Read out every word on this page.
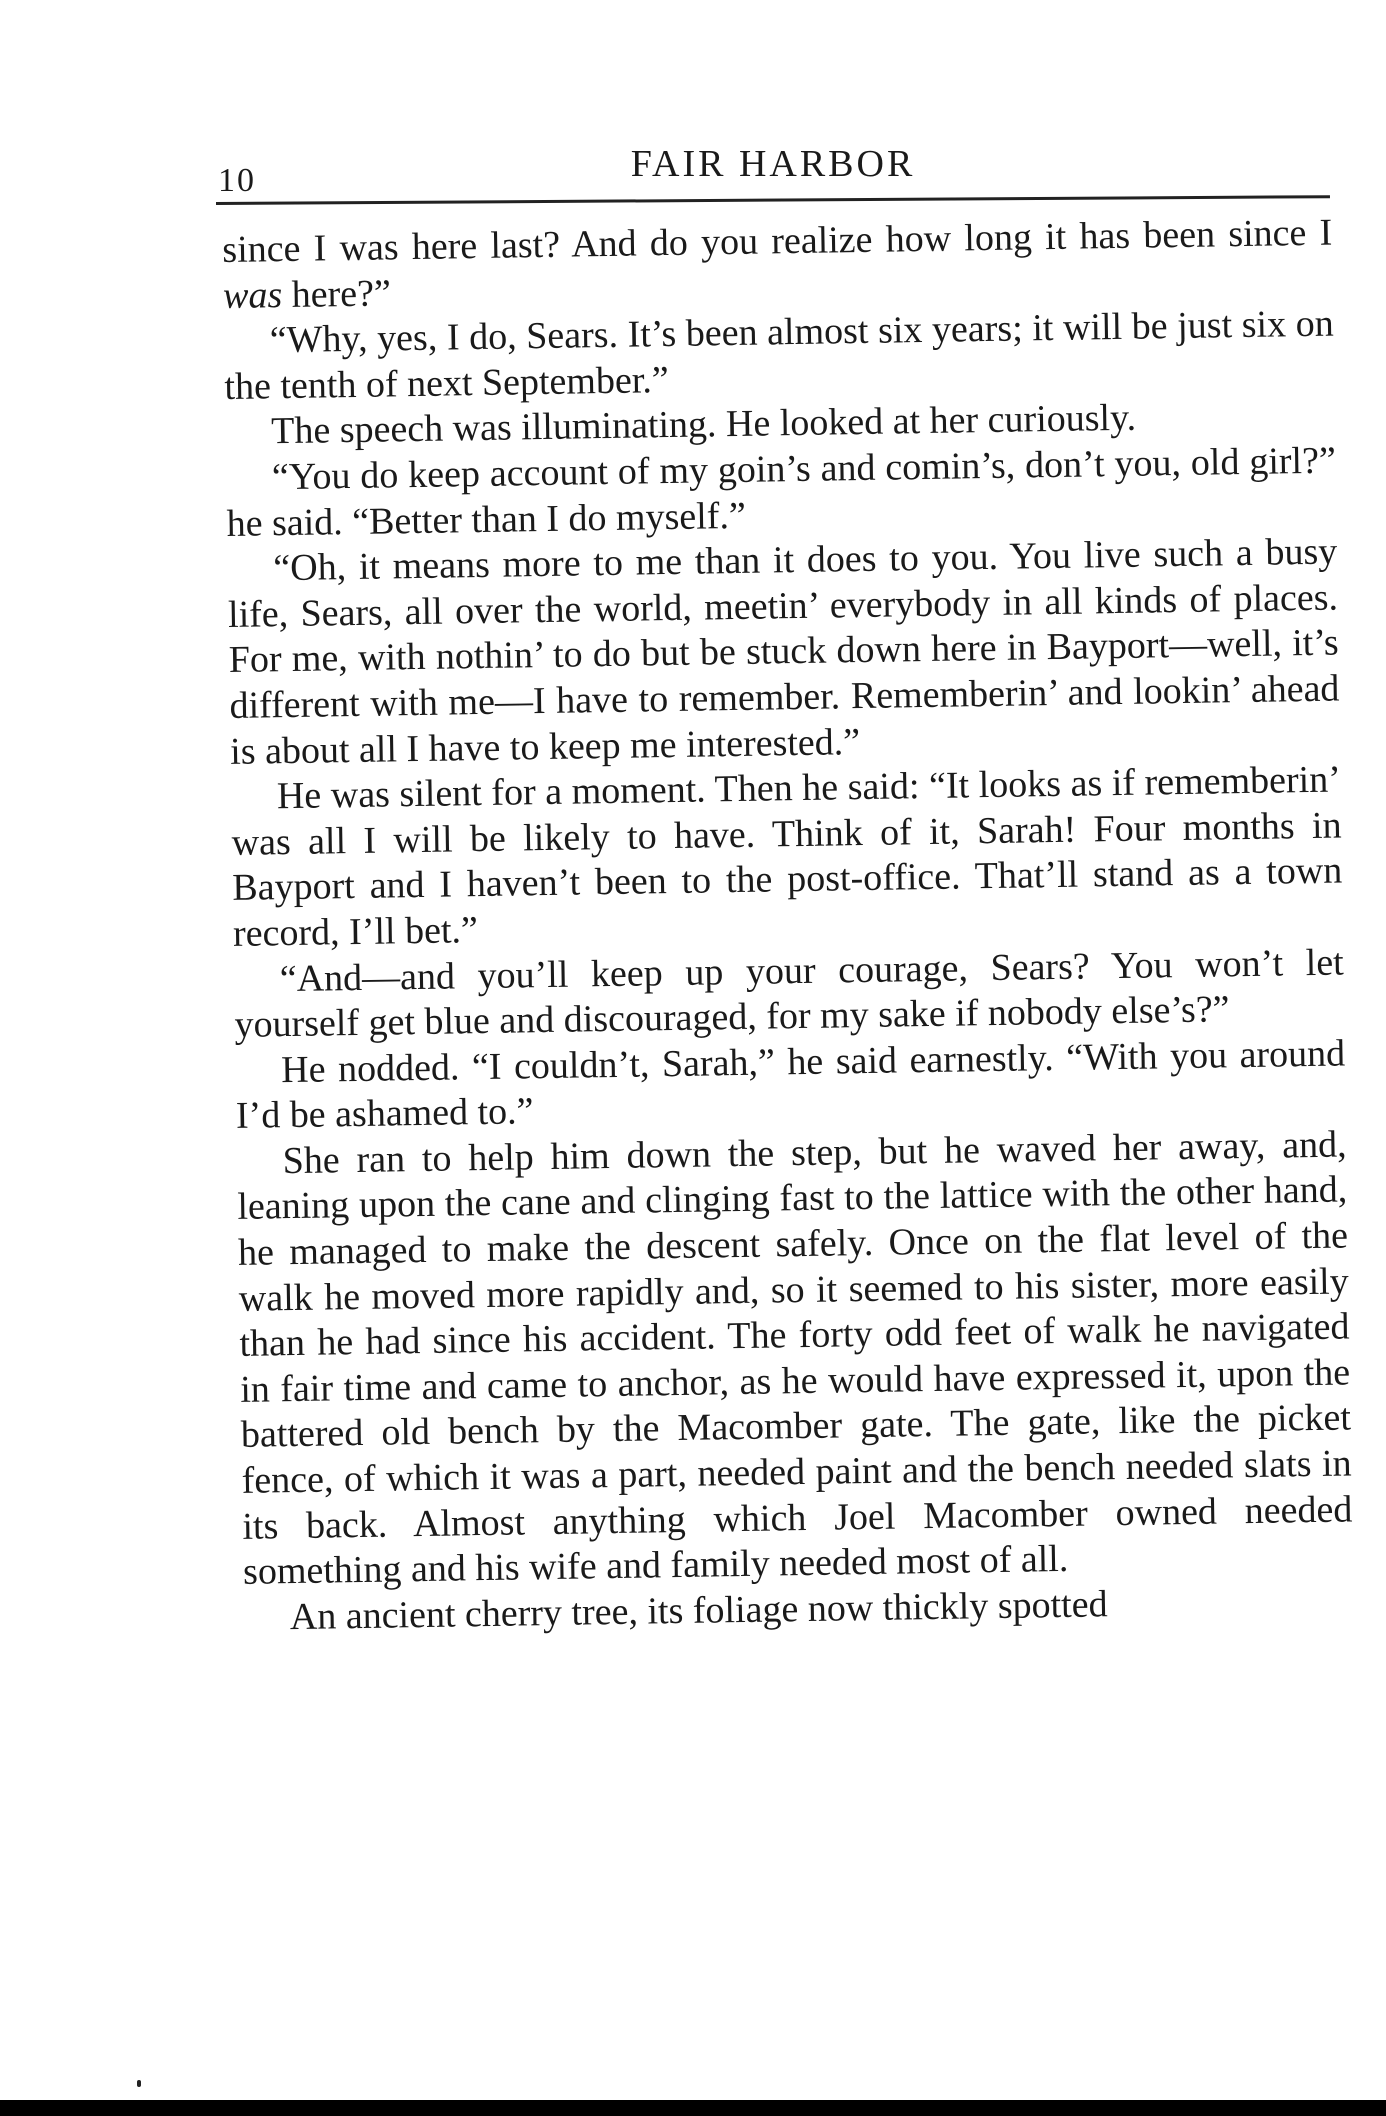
10	FAIR HARBOR

since I was here last? And do you realize how long it has been since I was here?”

“Why, yes, I do, Sears. It’s been almost six years; it will be just six on the tenth of next September.”

The speech was illuminating. He looked at her curiously.

“You do keep account of my goin’s and comin’s, don’t you, old girl?” he said. “Better than I do myself.”

“Oh, it means more to me than it does to you. You live such a busy life, Sears, all over the world, meetin’ everybody in all kinds of places. For me, with nothin’ to do but be stuck down here in Bayport—well, it’s different with me—I have to remember. Rememberin’ and lookin’ ahead is about all I have to keep me interested.”

He was silent for a moment. Then he said: “It looks as if rememberin’ was all I will be likely to have. Think of it, Sarah! Four months in Bayport and I haven’t been to the post-office. That’ll stand as a town record, I’ll bet.”

“And—and you’ll keep up your courage, Sears? You won’t let yourself get blue and discouraged, for my sake if nobody else’s?”

He nodded. “I couldn’t, Sarah,” he said earnestly. “With you around I’d be ashamed to.”

She ran to help him down the step, but he waved her away, and, leaning upon the cane and clinging fast to the lattice with the other hand, he managed to make the descent safely. Once on the flat level of the walk he moved more rapidly and, so it seemed to his sister, more easily than he had since his accident. The forty odd feet of walk he navigated in fair time and came to anchor, as he would have expressed it, upon the battered old bench by the Macomber gate. The gate, like the picket fence, of which it was a part, needed paint and the bench needed slats in its back. Almost anything which Joel Macomber owned needed something and his wife and family needed most of all.

An ancient cherry tree, its foliage now thickly spotted
